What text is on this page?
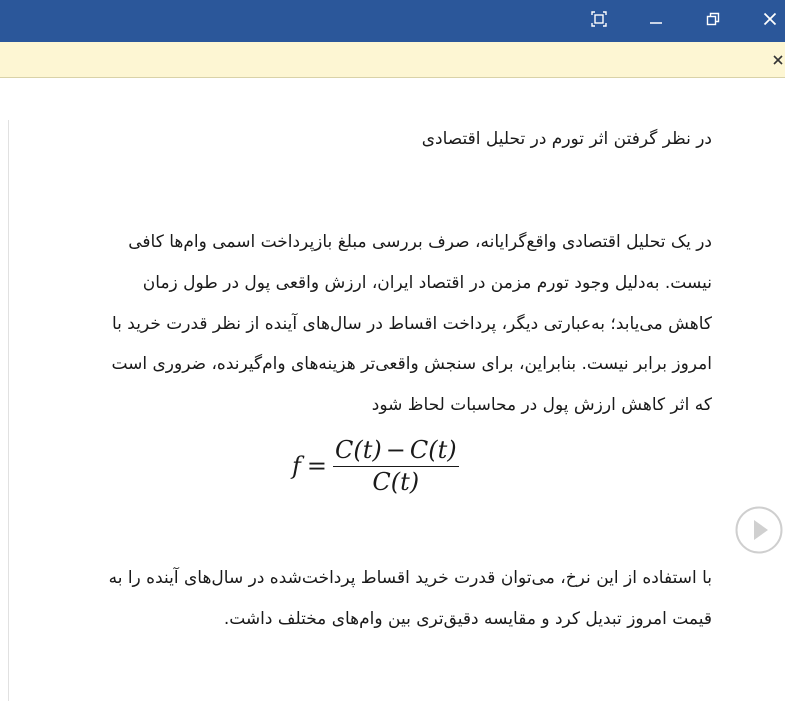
در نظر گرفتن اثر تورم در تحلیل اقتصادی
در یک تحلیل اقتصادی واقع‌گرایانه، صرف بررسی مبلغ بازپرداخت اسمی وام‌ها کافی
نیست. به‌دلیل وجود تورم مزمن در اقتصاد ایران، ارزش واقعی پول در طول زمان
کاهش می‌یابد؛ به‌عبارتی دیگر، پرداخت اقساط در سال‌های آینده از نظر قدرت خرید با
امروز برابر نیست. بنابراین، برای سنجش واقعی‌تر هزینه‌های وام‌گیرنده، ضروری است
که اثر کاهش ارزش پول در محاسبات لحاظ شود
با استفاده از این نرخ، می‌توان قدرت خرید اقساط پرداخت‌شده در سال‌های آینده را به
قیمت امروز تبدیل کرد و مقایسه دقیق‌تری بین وام‌های مختلف داشت.
$f = \frac{C(t) - C(t)}{C(t)}$
